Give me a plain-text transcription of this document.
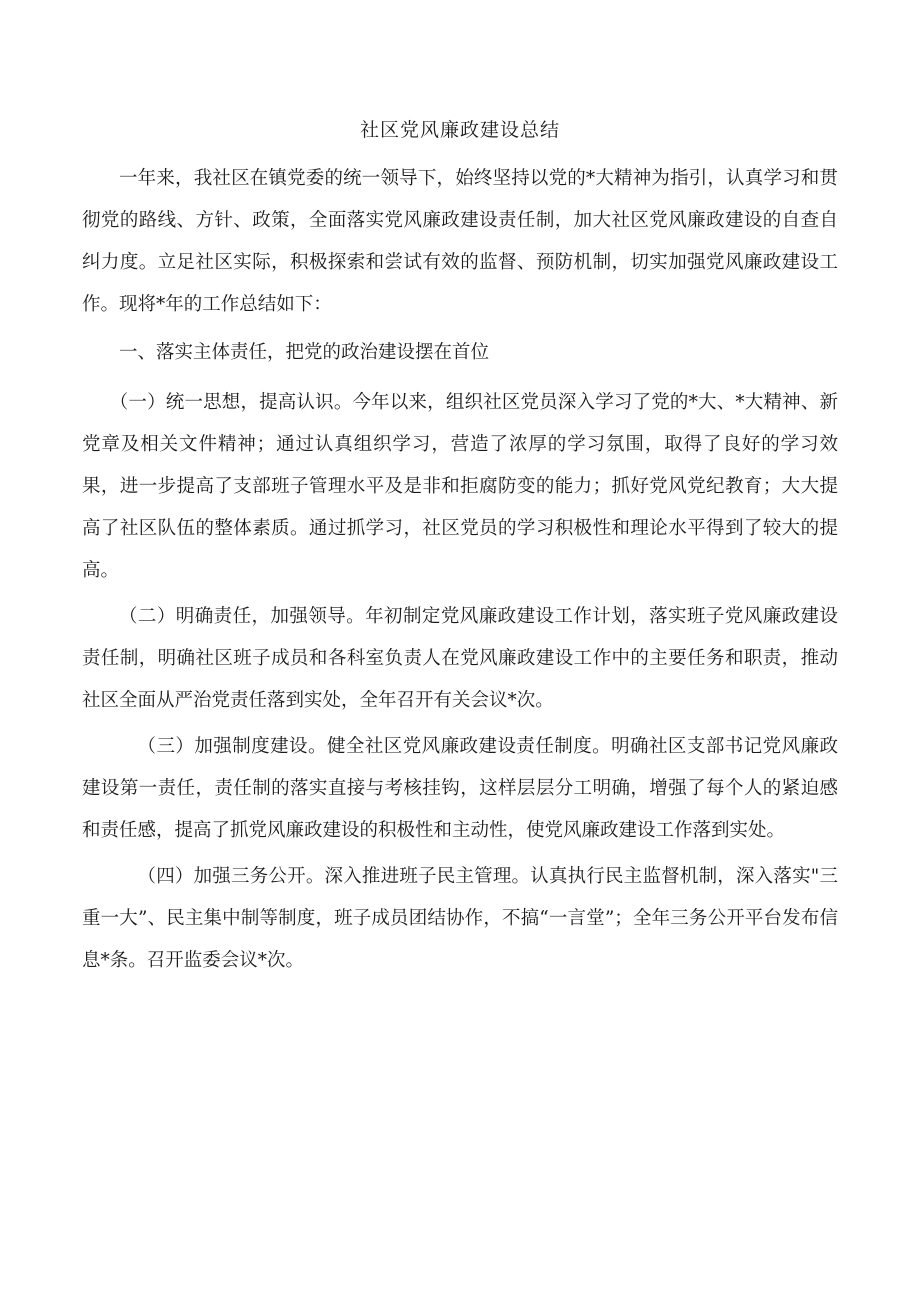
社区党风廉政建设总结

一年来，我社区在镇党委的统一领导下，始终坚持以党的*大精神为指引，认真学习和贯彻党的路线、方针、政策，全面落实党风廉政建设责任制，加大社区党风廉政建设的自查自纠力度。立足社区实际，积极探索和尝试有效的监督、预防机制，切实加强党风廉政建设工作。现将*年的工作总结如下：

一、落实主体责任，把党的政治建设摆在首位

（一）统一思想，提高认识。今年以来，组织社区党员深入学习了党的*大、*大精神、新党章及相关文件精神；通过认真组织学习，营造了浓厚的学习氛围，取得了良好的学习效果，进一步提高了支部班子管理水平及是非和拒腐防变的能力；抓好党风党纪教育；大大提高了社区队伍的整体素质。通过抓学习，社区党员的学习积极性和理论水平得到了较大的提高。

（二）明确责任，加强领导。年初制定党风廉政建设工作计划，落实班子党风廉政建设责任制，明确社区班子成员和各科室负责人在党风廉政建设工作中的主要任务和职责，推动社区全面从严治党责任落到实处，全年召开有关会议*次。

（三）加强制度建设。健全社区党风廉政建设责任制度。明确社区支部书记党风廉政建设第一责任，责任制的落实直接与考核挂钩，这样层层分工明确，增强了每个人的紧迫感和责任感，提高了抓党风廉政建设的积极性和主动性，使党风廉政建设工作落到实处。

（四）加强三务公开。深入推进班子民主管理。认真执行民主监督机制，深入落实"三重一大”、民主集中制等制度，班子成员团结协作，不搞“一言堂”；全年三务公开平台发布信息*条。召开监委会议*次。
